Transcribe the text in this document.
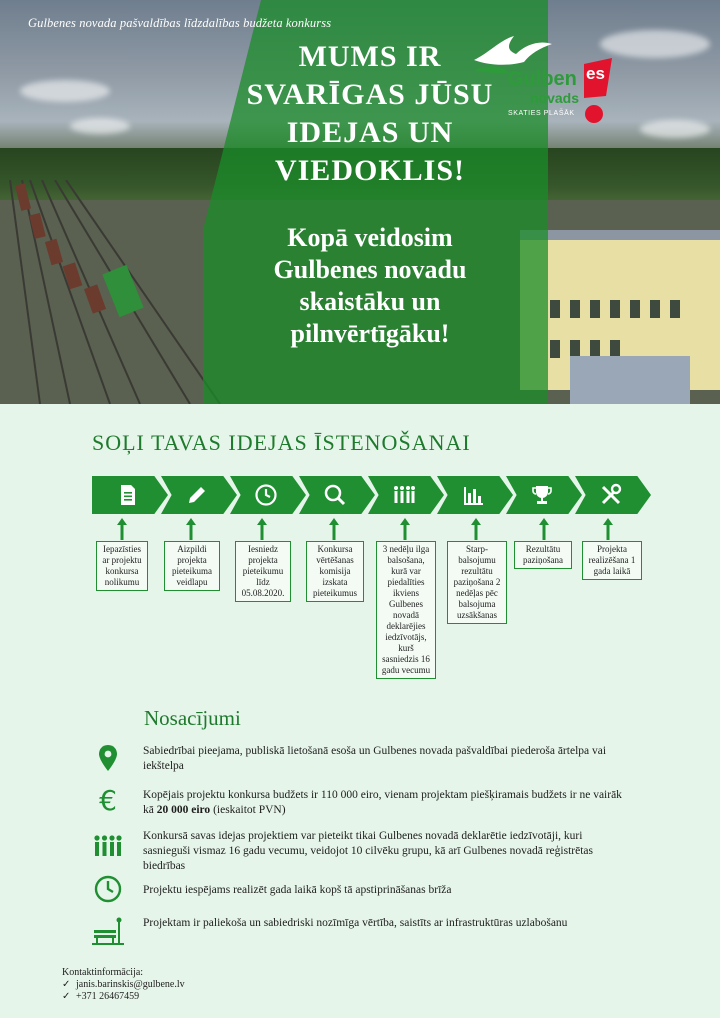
Gulbenes novada pašvaldības līdzdalības budžeta konkurss
MUMS IR
SVARĪGAS JŪSU
IDEJAS UN
VIEDOKLIS!
Kopā veidosim
Gulbenes novadu
skaistāku un
pilnvērtīgāku!
Gulben
novads
es
SKATIES PLAŠĀK
SOĻI TAVAS IDEJAS ĪSTENOŠANAI
Iepazīsties ar projektu konkursa nolikumu
Aizpildi projekta pieteikuma veidlapu
Iesniedz projekta pieteikumu līdz 05.08.2020.
Konkursa vērtēšanas komisija izskata pieteikumus
3 nedēļu ilga balsošana, kurā var piedalīties ikviens Gulbenes novadā deklarējies iedzīvotājs, kurš sasniedzis 16 gadu vecumu
Starp-balsojumu rezultātu paziņošana 2 nedēļas pēc balsojuma uzsākšanas
Rezultātu paziņošana
Projekta realizēšana 1 gada laikā
Nosacījumi
Sabiedrībai pieejama, publiskā lietošanā esoša un Gulbenes novada pašvaldībai piederoša ārtelpa vai iekštelpa
€ Kopējais projektu konkursa budžets ir 110 000 eiro, vienam projektam piešķiramais budžets ir ne vairāk kā 20 000 eiro (ieskaitot PVN)
Konkursā savas idejas projektiem var pieteikt tikai Gulbenes novadā deklarētie iedzīvotāji, kuri sasnieguši vismaz 16 gadu vecumu, veidojot 10 cilvēku grupu, kā arī Gulbenes novadā reģistrētas biedrības
Projektu iespējams realizēt gada laikā kopš tā apstiprināšanas brīža
Projektam ir paliekoša un sabiedriski nozīmīga vērtība, saistīts ar infrastruktūras uzlabošanu
Kontaktinformācija:
✓ janis.barinskis@gulbene.lv
✓ +371 26467459
